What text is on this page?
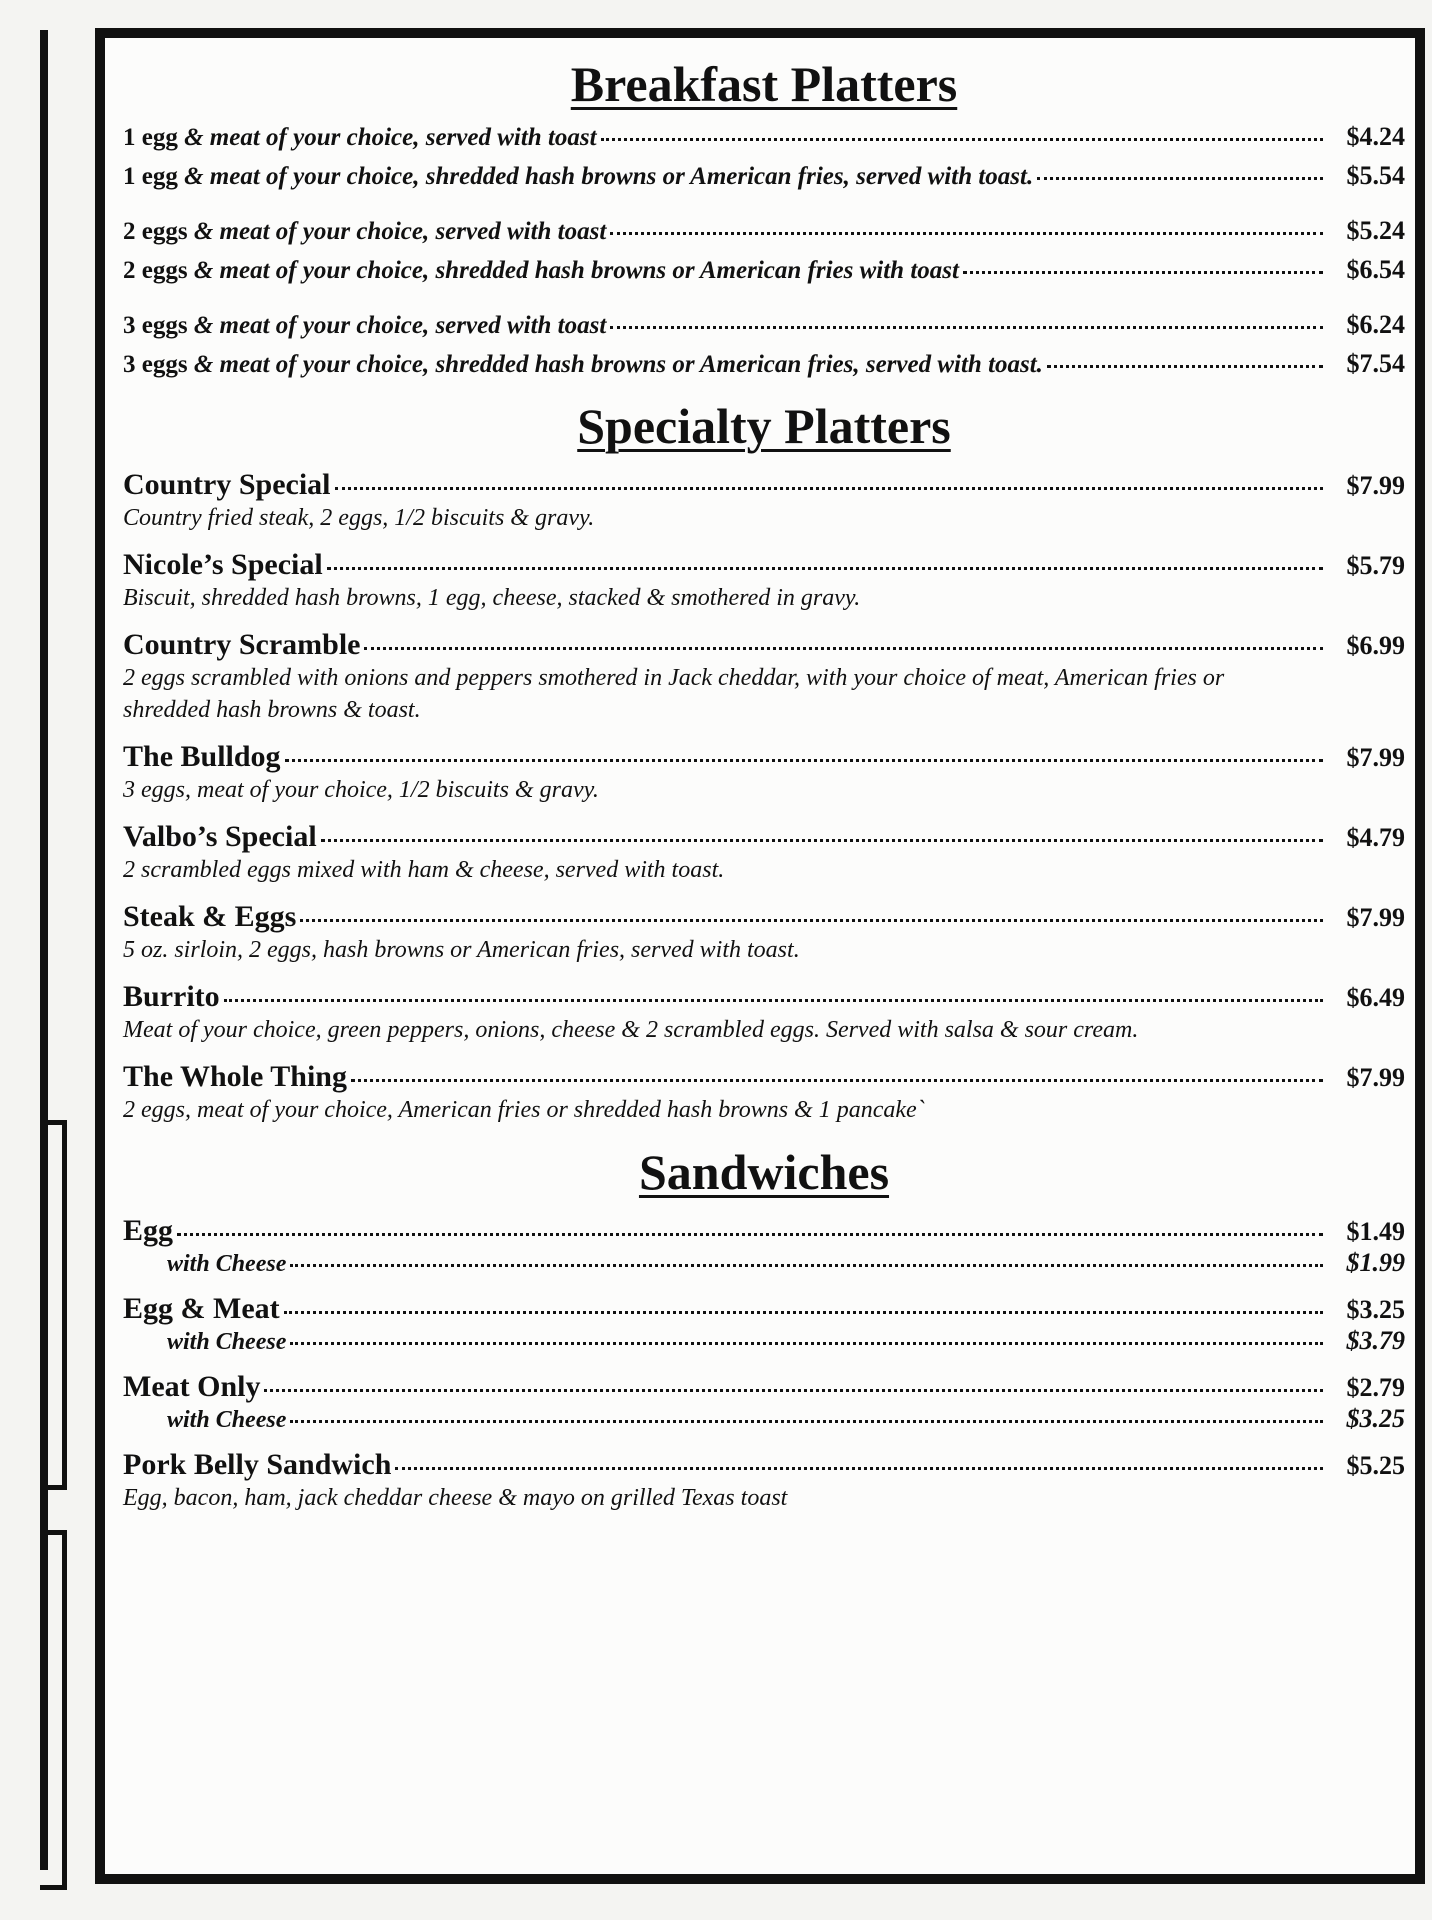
Breakfast Platters
1 egg & meat of your choice, served with toast	$4.24
1 egg & meat of your choice, shredded hash browns or American fries, served with toast.	$5.54
2 eggs & meat of your choice, served with toast	$5.24
2 eggs & meat of your choice, shredded hash browns or American fries with toast	$6.54
3 eggs & meat of your choice, served with toast	$6.24
3 eggs & meat of your choice, shredded hash browns or American fries, served with toast.	$7.54
Specialty Platters
Country Special	$7.99
Country fried steak, 2 eggs, 1/2 biscuits & gravy.
Nicole’s Special	$5.79
Biscuit, shredded hash browns, 1 egg, cheese, stacked & smothered in gravy.
Country Scramble	$6.99
2 eggs scrambled with onions and peppers smothered in Jack cheddar, with your choice of meat, American fries or shredded hash browns & toast.
The Bulldog	$7.99
3 eggs, meat of your choice, 1/2 biscuits & gravy.
Valbo’s Special	$4.79
2 scrambled eggs mixed with ham & cheese, served with toast.
Steak & Eggs	$7.99
5 oz. sirloin, 2 eggs, hash browns or American fries, served with toast.
Burrito	$6.49
Meat of your choice, green peppers, onions, cheese & 2 scrambled eggs. Served with salsa & sour cream.
The Whole Thing	$7.99
2 eggs, meat of your choice, American fries or shredded hash browns & 1 pancake`
Sandwiches
Egg	$1.49
with Cheese	$1.99
Egg & Meat	$3.25
with Cheese	$3.79
Meat Only	$2.79
with Cheese	$3.25
Pork Belly Sandwich	$5.25
Egg, bacon, ham, jack cheddar cheese & mayo on grilled Texas toast
